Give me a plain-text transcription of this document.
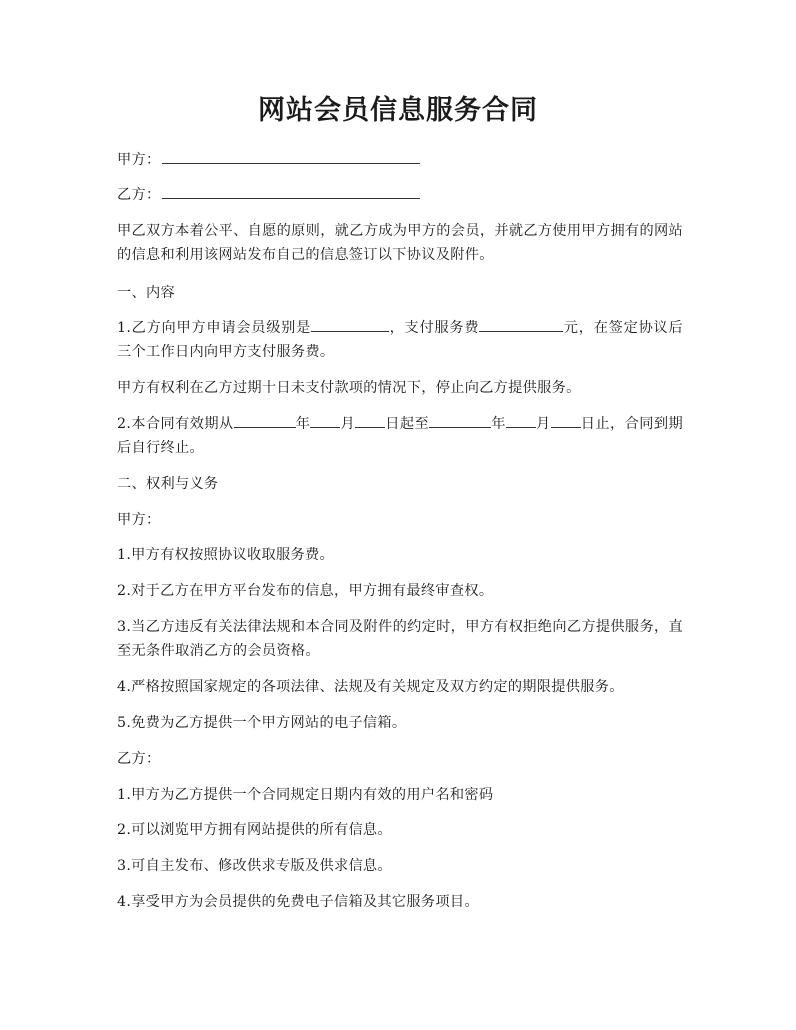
网站会员信息服务合同
甲方：
乙方：
甲乙双方本着公平、自愿的原则，就乙方成为甲方的会员，并就乙方使用甲方拥有的网站的信息和利用该网站发布自己的信息签订以下协议及附件。
一、内容
1.乙方向甲方申请会员级别是	，支付服务费	元，在签定协议后三个工作日内向甲方支付服务费。
甲方有权利在乙方过期十日未支付款项的情况下，停止向乙方提供服务。
2.本合同有效期从	年 月 日起至	年 月 日止，合同到期后自行终止。
二、权利与义务
甲方：
1.甲方有权按照协议收取服务费。
2.对于乙方在甲方平台发布的信息，甲方拥有最终审查权。
3.当乙方违反有关法律法规和本合同及附件的约定时，甲方有权拒绝向乙方提供服务，直至无条件取消乙方的会员资格。
4.严格按照国家规定的各项法律、法规及有关规定及双方约定的期限提供服务。
5.免费为乙方提供一个甲方网站的电子信箱。
乙方：
1.甲方为乙方提供一个合同规定日期内有效的用户名和密码
2.可以浏览甲方拥有网站提供的所有信息。
3.可自主发布、修改供求专版及供求信息。
4.享受甲方为会员提供的免费电子信箱及其它服务项目。
